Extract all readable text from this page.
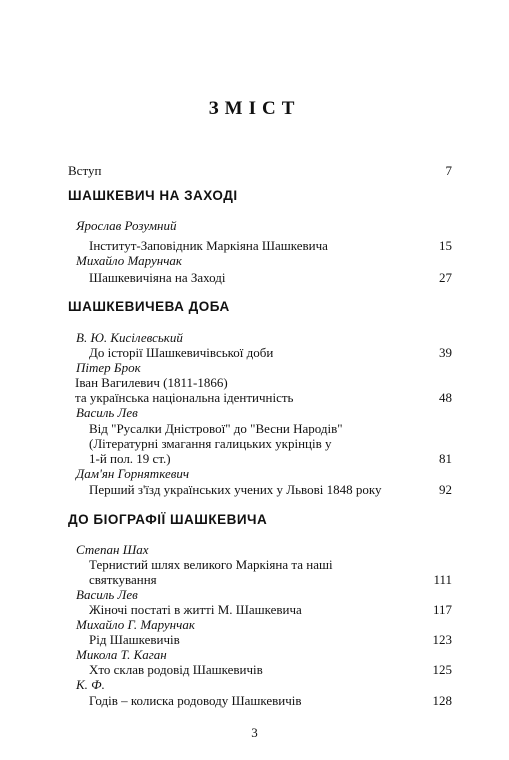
ЗМІСТ
Вступ	7
ШАШКЕВИЧ НА ЗАХОДІ
Ярослав Розумний
Інститут-Заповідник Маркіяна Шашкевича	15
Михайло Марунчак
Шашкевичіяна на Заході	27
ШАШКЕВИЧЕВА ДОБА
В. Ю. Кисілевський
До історії Шашкевичівської доби	39
Пітер Брок
Іван Вагилевич (1811-1866)
та українська національна ідентичність	48
Василь Лев
Від "Русалки Дністрової" до "Весни Народів"
(Літературні змагання галицьких укрінців у
1-й пол. 19 ст.)	81
Дам'ян Горняткевич
Перший з'їзд українських учених у Львові 1848 року	92
ДО БІОГРАФІЇ ШАШКЕВИЧА
Степан Шах
Тернистий шлях великого Маркіяна та наші
святкування	111
Василь Лев
Жіночі постаті в житті М. Шашкевича	117
Михайло Г. Марунчак
Рід Шашкевичів	123
Микола Т. Каган
Хто склав родовід Шашкевичів	125
К. Ф.
Годів – колиска родоводу Шашкевичів	128
3
